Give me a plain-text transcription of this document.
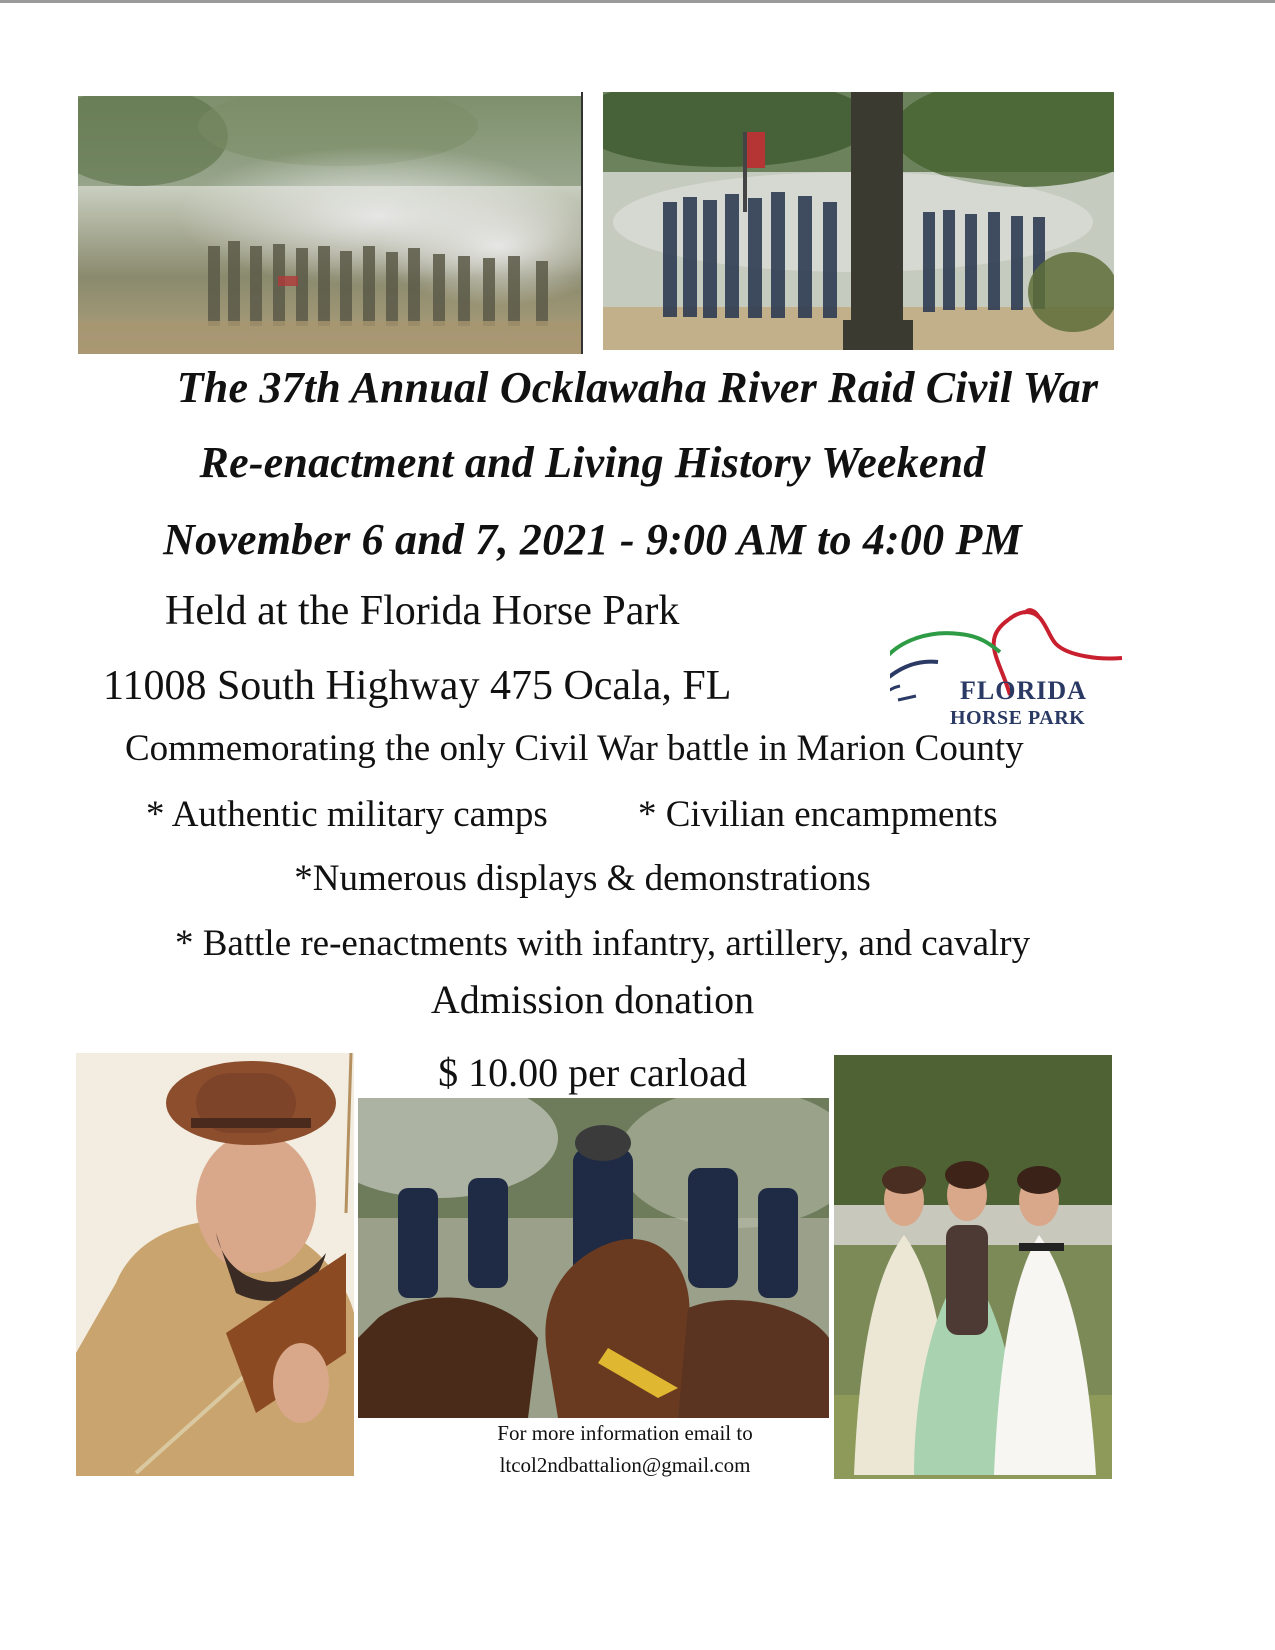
The 37th Annual Ocklawaha River Raid Civil War
Re-enactment and Living History Weekend
November 6 and 7, 2021 - 9:00 AM to 4:00 PM
Held at the Florida Horse Park
11008 South Highway 475 Ocala, FL	FLORIDA
HORSE PARK
Commemorating the only Civil War battle in Marion County
* Authentic military camps * Civilian encampments
*Numerous displays & demonstrations
* Battle re-enactments with infantry, artillery, and cavalry
Admission donation
$ 10.00 per carload
For more information email to
ltcol2ndbattalion@gmail.com
